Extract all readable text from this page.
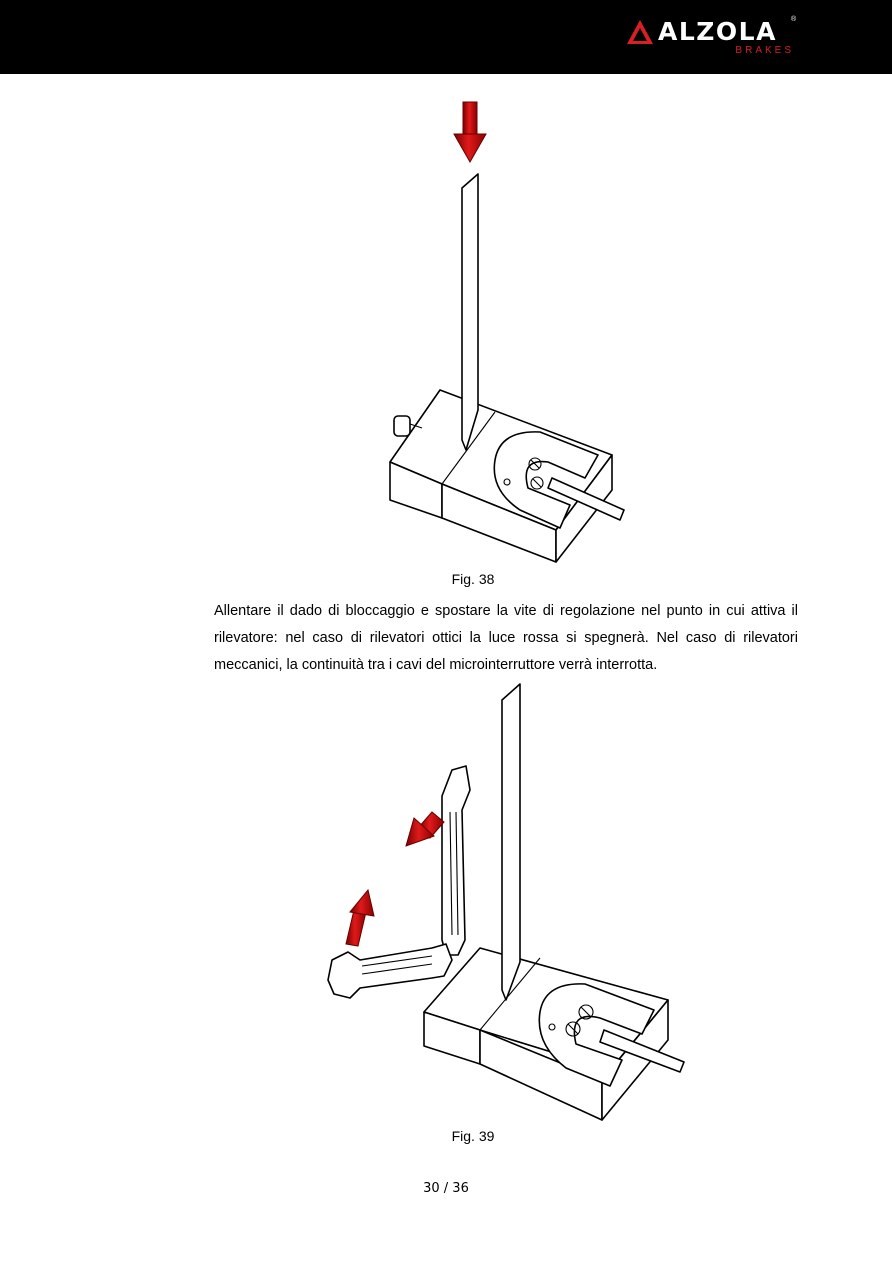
ALZOLA ®
BRAKES
Fig. 38
Allentare il dado di bloccaggio e spostare la vite di regolazione nel punto in cui attiva il rilevatore: nel caso di rilevatori ottici la luce rossa si spegnerà. Nel caso di rilevatori meccanici, la continuità tra i cavi del microinterruttore verrà interrotta.
Fig. 39
30 / 36
